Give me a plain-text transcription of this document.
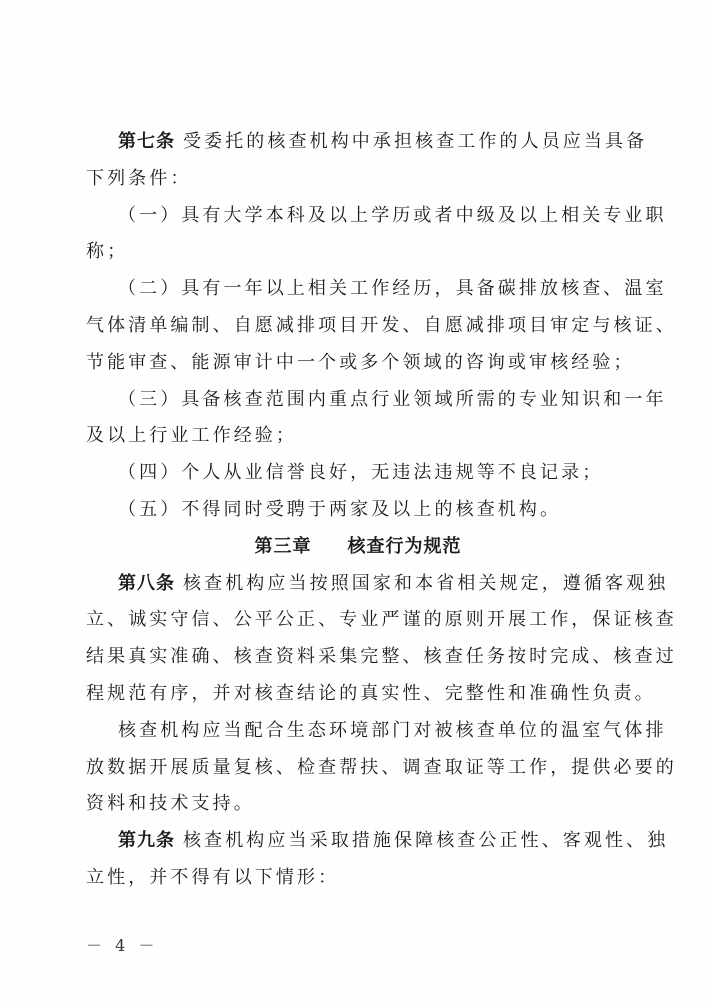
第七条 受委托的核查机构中承担核查工作的人员应当具备
下列条件：
（一）具有大学本科及以上学历或者中级及以上相关专业职
称；
（二）具有一年以上相关工作经历，具备碳排放核查、温室
气体清单编制、自愿减排项目开发、自愿减排项目审定与核证、
节能审查、能源审计中一个或多个领域的咨询或审核经验；
（三）具备核查范围内重点行业领域所需的专业知识和一年
及以上行业工作经验；
（四）个人从业信誉良好，无违法违规等不良记录；
（五）不得同时受聘于两家及以上的核查机构。
第三章 核查行为规范
第八条 核查机构应当按照国家和本省相关规定，遵循客观独
立、诚实守信、公平公正、专业严谨的原则开展工作，保证核查
结果真实准确、核查资料采集完整、核查任务按时完成、核查过
程规范有序，并对核查结论的真实性、完整性和准确性负责。
核查机构应当配合生态环境部门对被核查单位的温室气体排
放数据开展质量复核、检查帮扶、调查取证等工作，提供必要的
资料和技术支持。
第九条 核查机构应当采取措施保障核查公正性、客观性、独
立性，并不得有以下情形：
－ 4 －
